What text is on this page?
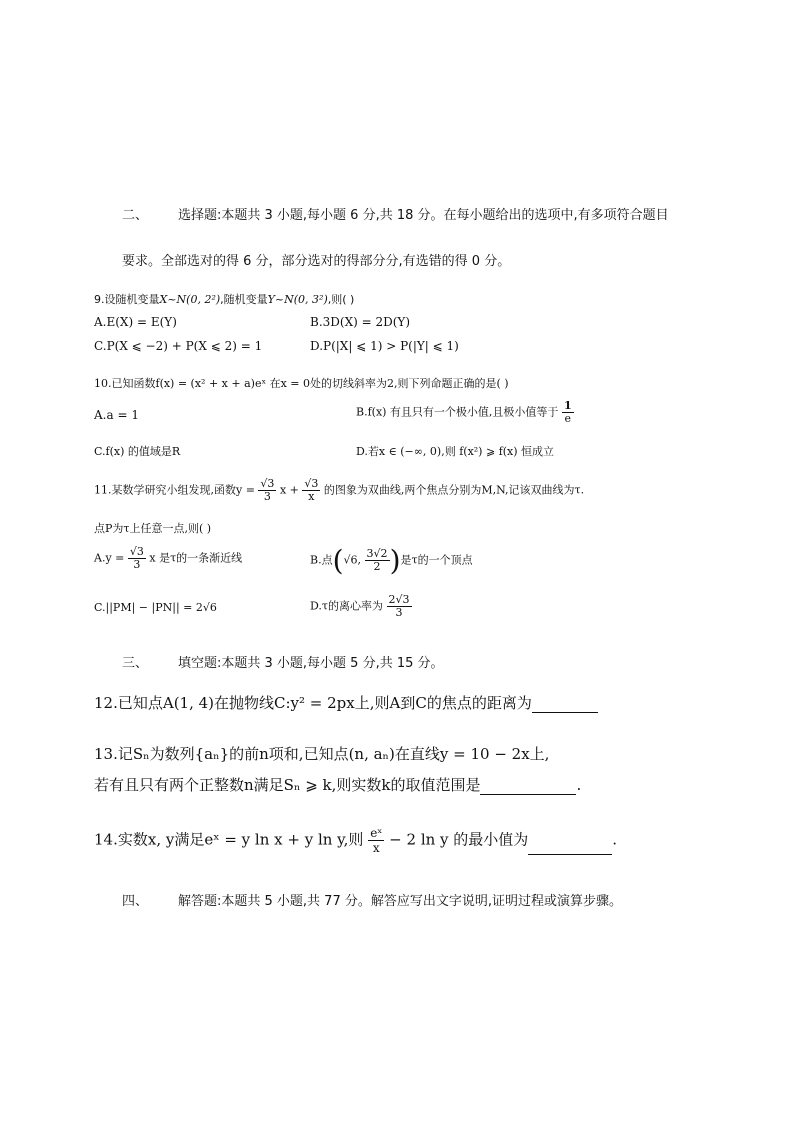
二、 选择题:本题共 3 小题,每小题 6 分,共 18 分。在每小题给出的选项中,有多项符合题目
要求。全部选对的得 6 分，部分选对的得部分分,有选错的得 0 分。
9.设随机变量X~N(0, 2²),随机变量Y~N(0, 3²),则( )
A.E(X) = E(Y)	B.3D(X) = 2D(Y)
C.P(X ⩽ −2) + P(X ⩽ 2) = 1	D.P(|X| ⩽ 1) > P(|Y| ⩽ 1)
10.已知函数f(x) = (x² + x + a)eˣ 在x = 0处的切线斜率为2,则下列命题正确的是( )
A.a = 1	B.f(x) 有且只有一个极小值,且极小值等于 $\frac{1}{e}$
C.f(x) 的值域是R	D.若x ∈ (−∞, 0),则 f(x²) ⩾ f(x) 恒成立
11.某数学研究小组发现,函数$y = \frac{√3}{3}$ $x + \frac{√3}{x}$ 的图象为双曲线,两个焦点分别为M,N,记该双曲线为τ.
点P为τ上任意一点,则( )
$A.y = \frac{√3}{3}$ x 是τ的一条渐近线	B.点(√6, $\frac{3√2}{2}$ )是τ的一个顶点
C.||PM| − |PN|| = 2√6	D.τ的离心率为 $\frac{2√3}{3}$
三、 填空题:本题共 3 小题,每小题 5 分,共 15 分。
12.已知点A(1, 4)在抛物线C:y² = 2px上,则A到C的焦点的距离为
13.记Sₙ为数列{aₙ}的前n项和,已知点(n, aₙ)在直线y = 10 − 2x上,
若有且只有两个正整数n满足Sₙ ⩾ k,则实数k的取值范围是	.
14.实数x, y满足eˣ = y ln x + y ln y,则 $\frac{\text{eˣ}}{x} - 2$ ln y 的最小值为	.
四、 解答题:本题共 5 小题,共 77 分。解答应写出文字说明,证明过程或演算步骤。
